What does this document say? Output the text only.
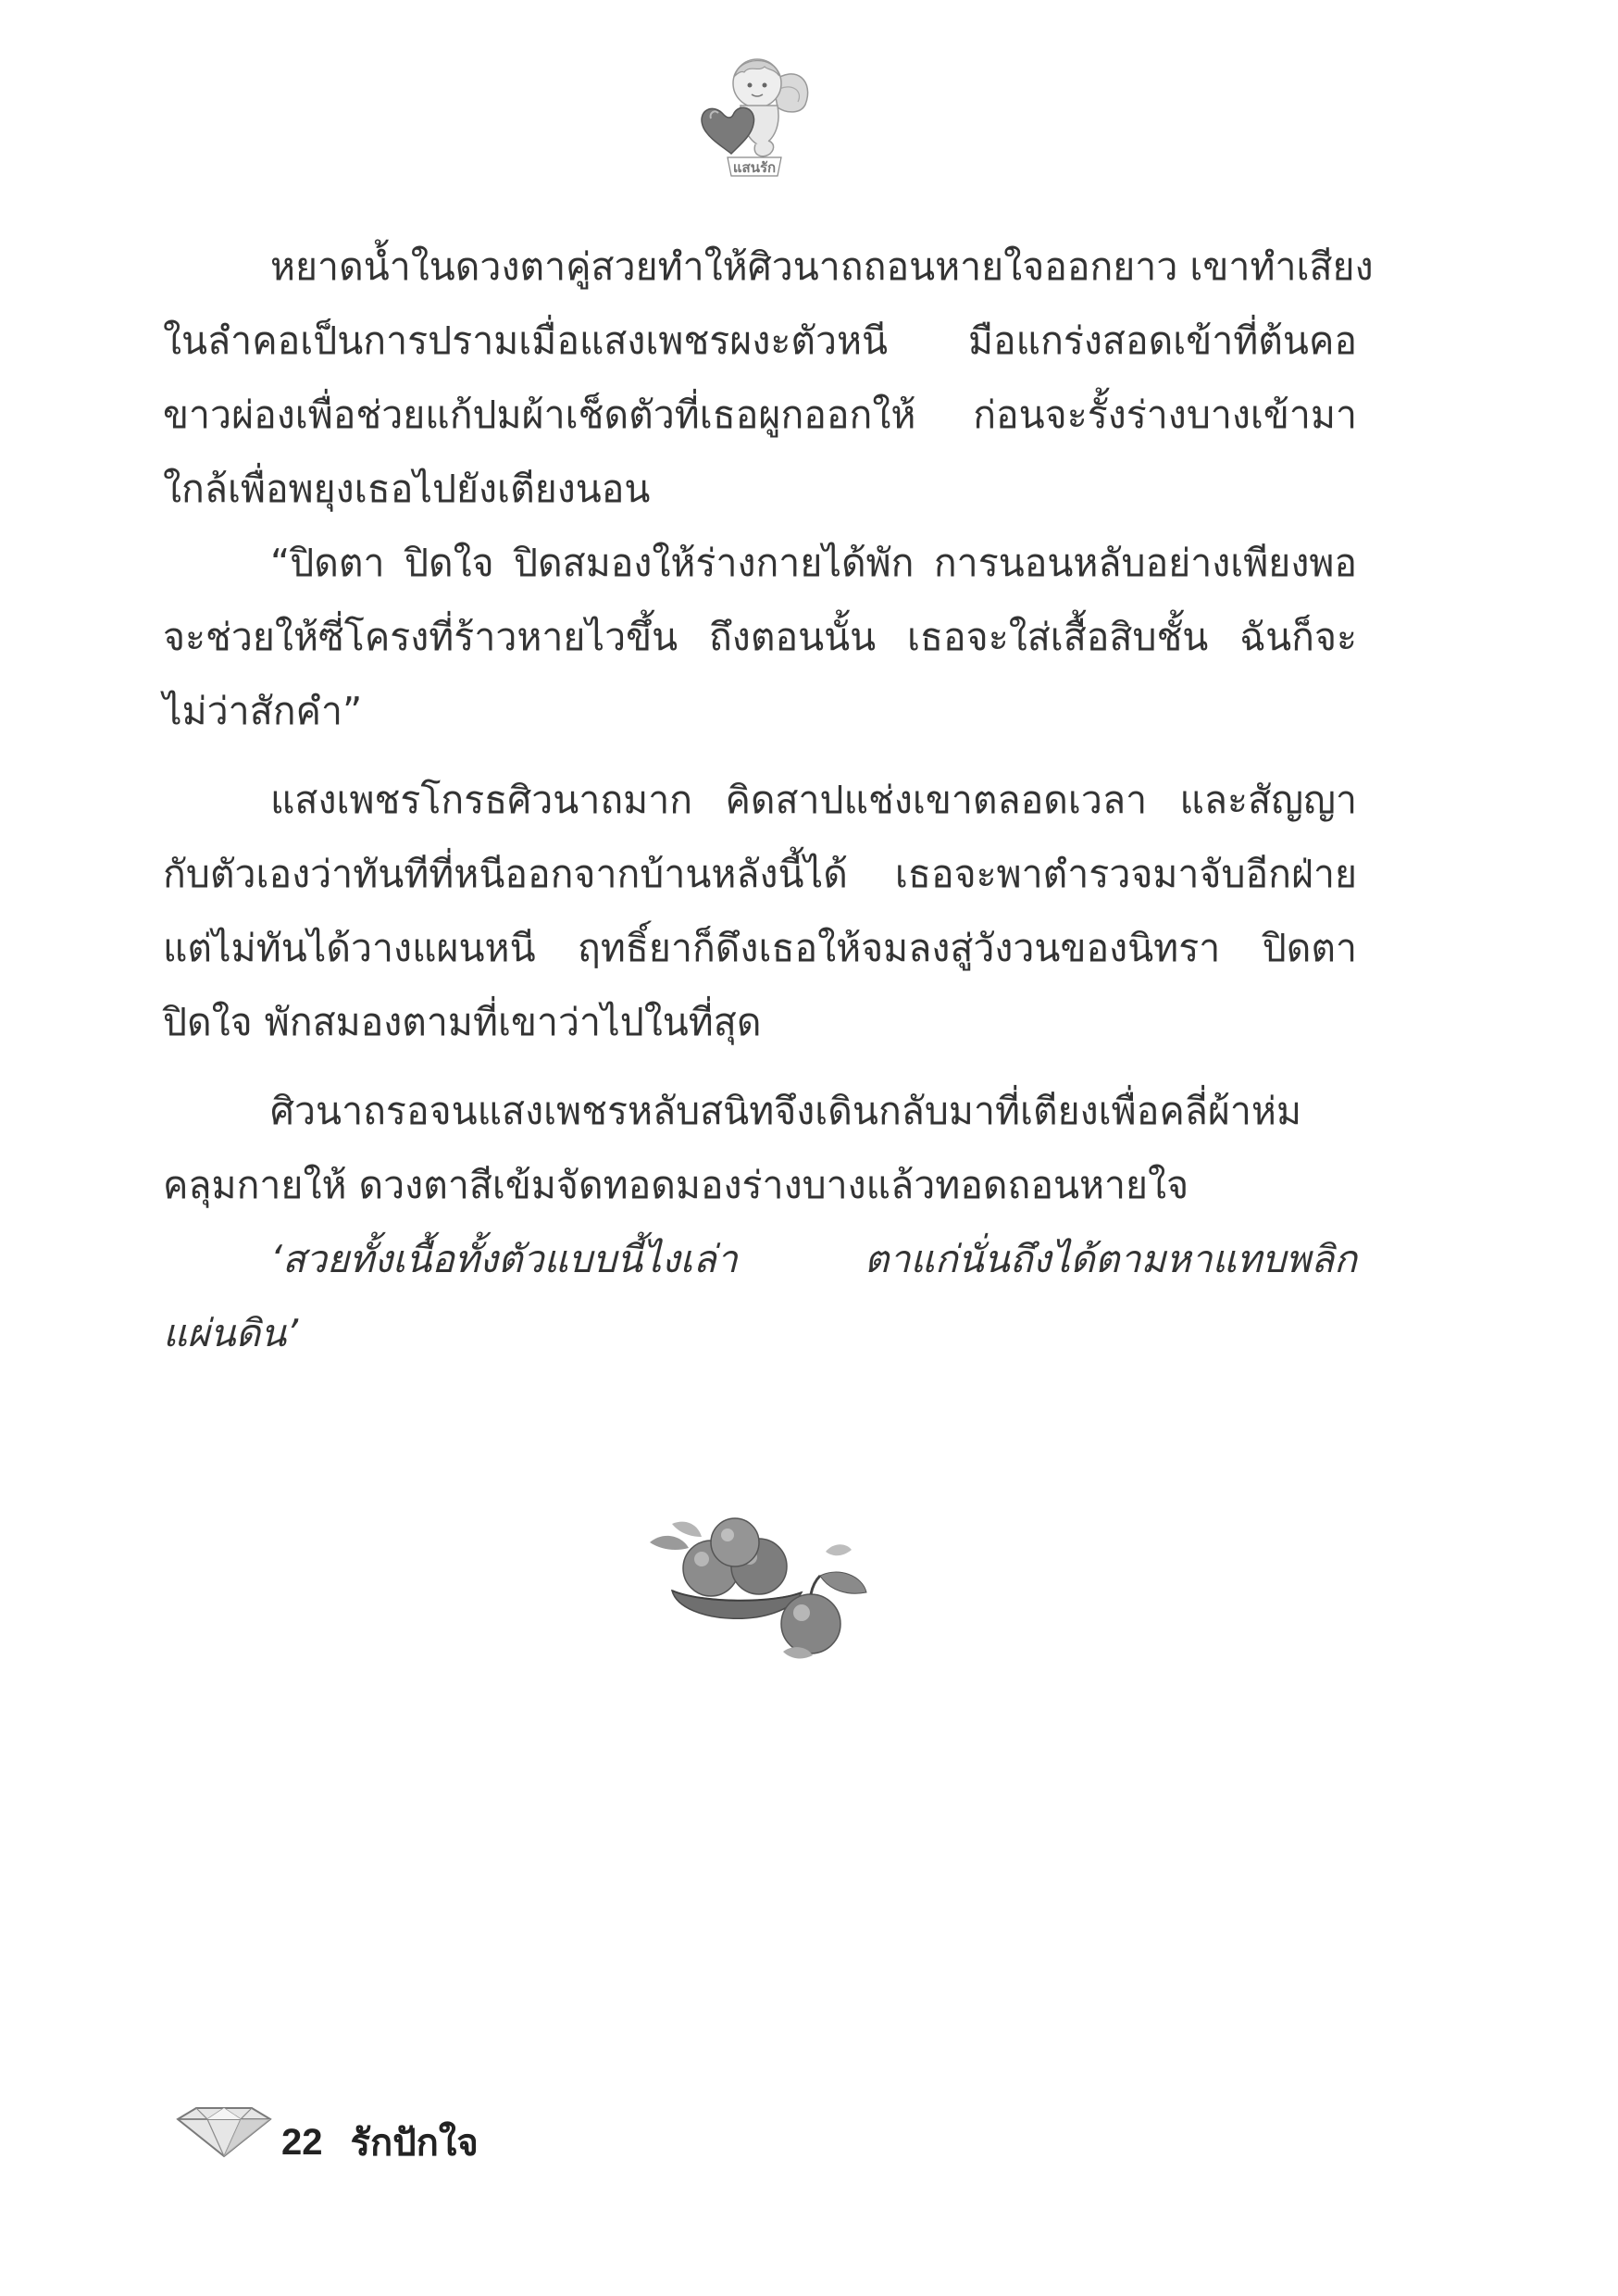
แสนรัก

หยาดน้ำในดวงตาคู่สวยทำให้ศิวนาถถอนหายใจออกยาว เขาทำเสียง
ในลำคอเป็นการปรามเมื่อแสงเพชรผงะตัวหนี มือแกร่งสอดเข้าที่ต้นคอ
ขาวผ่องเพื่อช่วยแก้ปมผ้าเช็ดตัวที่เธอผูกออกให้ ก่อนจะรั้งร่างบางเข้ามา
ใกล้เพื่อพยุงเธอไปยังเตียงนอน

“ปิดตา ปิดใจ ปิดสมองให้ร่างกายได้พัก การนอนหลับอย่างเพียงพอ
จะช่วยให้ซี่โครงที่ร้าวหายไวขึ้น ถึงตอนนั้น เธอจะใส่เสื้อสิบชั้น ฉันก็จะ
ไม่ว่าสักคำ”

แสงเพชรโกรธศิวนาถมาก คิดสาปแช่งเขาตลอดเวลา และสัญญา
กับตัวเองว่าทันทีที่หนีออกจากบ้านหลังนี้ได้ เธอจะพาตำรวจมาจับอีกฝ่าย
แต่ไม่ทันได้วางแผนหนี ฤทธิ์ยาก็ดึงเธอให้จมลงสู่วังวนของนิทรา ปิดตา
ปิดใจ พักสมองตามที่เขาว่าไปในที่สุด

ศิวนาถรอจนแสงเพชรหลับสนิทจึงเดินกลับมาที่เตียงเพื่อคลี่ผ้าห่ม
คลุมกายให้ ดวงตาสีเข้มจัดทอดมองร่างบางแล้วทอดถอนหายใจ

‘สวยทั้งเนื้อทั้งตัวแบบนี้ไงเล่า ตาแก่นั่นถึงได้ตามหาแทบพลิก
แผ่นดิน’

22 รักปักใจ
